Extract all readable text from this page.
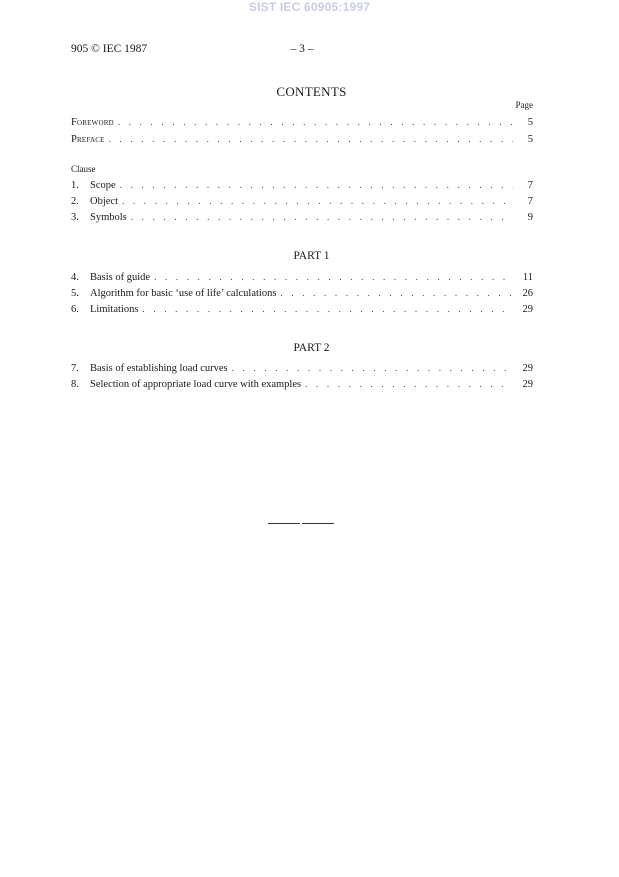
SIST IEC 60905:1997
905 © IEC 1987	– 3 –
CONTENTS
Page
Foreword . . .	5
Preface . . .	5
Clause
1.	Scope . . .	7
2.	Object . . .	7
3.	Symbols . . .	9
PART 1
4.	Basis of guide . . .	11
5.	Algorithm for basic ‘use of life’ calculations . . .	26
6.	Limitations . . .	29
PART 2
7.	Basis of establishing load curves . . .	29
8.	Selection of appropriate load curve with examples . . .	29
